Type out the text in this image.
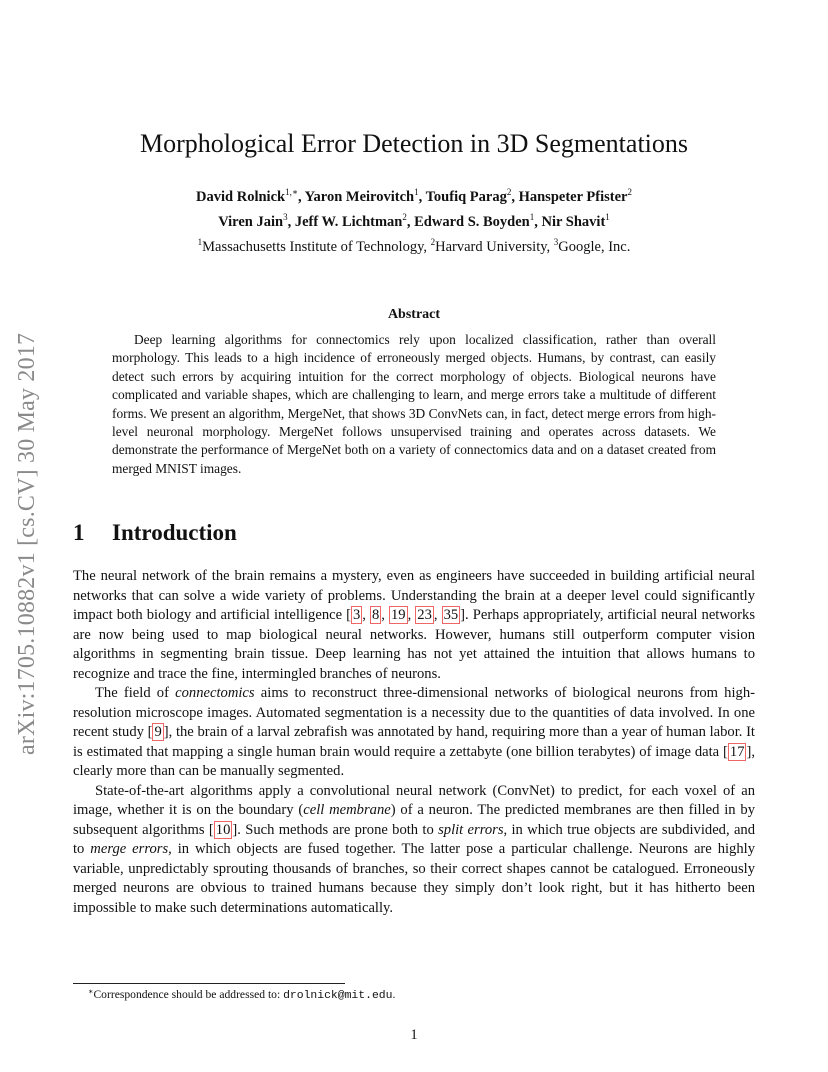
arXiv:1705.10882v1 [cs.CV] 30 May 2017
Morphological Error Detection in 3D Segmentations
David Rolnick$^{1,∗}$, Yaron Meirovitch$^1$, Toufiq Parag$^2$, Hanspeter Pfister$^2$
Viren Jain$^3$, Jeff W. Lichtman$^2$, Edward S. Boyden$^1$, Nir Shavit$^1$
$^1$Massachusetts Institute of Technology, $^2$Harvard University, $^3$Google, Inc.
Abstract
Deep learning algorithms for connectomics rely upon localized classification, rather than overall morphology. This leads to a high incidence of erroneously merged objects. Humans, by contrast, can easily detect such errors by acquiring intuition for the correct morphology of objects. Biological neurons have complicated and variable shapes, which are challenging to learn, and merge errors take a multitude of different forms. We present an algorithm, MergeNet, that shows 3D ConvNets can, in fact, detect merge errors from high-level neuronal morphology. MergeNet follows unsupervised training and operates across datasets. We demonstrate the performance of MergeNet both on a variety of connectomics data and on a dataset created from merged MNIST images.
1 Introduction

The neural network of the brain remains a mystery, even as engineers have succeeded in building artificial neural networks that can solve a wide variety of problems. Understanding the brain at a deeper level could significantly impact both biology and artificial intelligence [ 3 , 8 , 19 , 23 , 35 ]. Perhaps appropriately, artificial neural networks are now being used to map biological neural networks. However, humans still outperform computer vision algorithms in segmenting brain tissue. Deep learning has not yet attained the intuition that allows humans to recognize and trace the fine, intermingled branches of neurons.

The field of connectomics aims to reconstruct three-dimensional networks of biological neurons from high-resolution microscope images. Automated segmentation is a necessity due to the quantities of data involved. In one recent study [ 9 ], the brain of a larval zebrafish was annotated by hand, requiring more than a year of human labor. It is estimated that mapping a single human brain would require a zettabyte (one billion terabytes) of image data [ 17 ], clearly more than can be manually segmented.

State-of-the-art algorithms apply a convolutional neural network (ConvNet) to predict, for each voxel of an image, whether it is on the boundary (cell membrane) of a neuron. The predicted membranes are then filled in by subsequent algorithms [ 10 ]. Such methods are prone both to split errors, in which true objects are subdivided, and to merge errors, in which objects are fused together. The latter pose a particular challenge. Neurons are highly variable, unpredictably sprouting thousands of branches, so their correct shapes cannot be catalogued. Erroneously merged neurons are obvious to trained humans because they simply don’t look right, but it has hitherto been impossible to make such determinations automatically.

∗Correspondence should be addressed to: drolnick@mit.edu.
1
